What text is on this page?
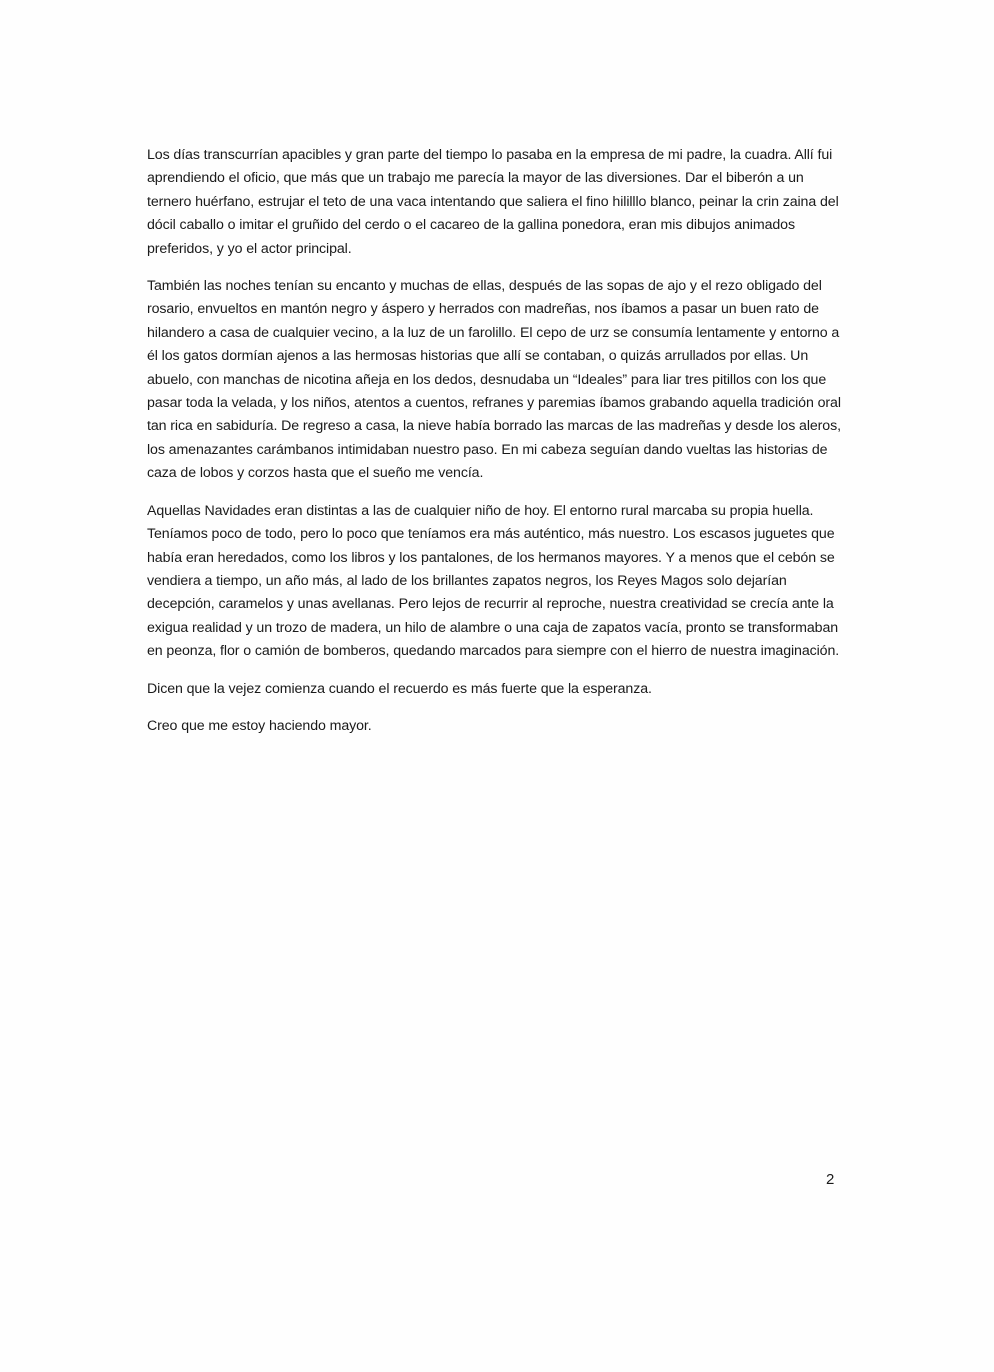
Los días transcurrían apacibles y gran parte del tiempo lo pasaba en la empresa de mi padre, la cuadra. Allí fui aprendiendo el oficio, que más que un trabajo me parecía la mayor de las diversiones. Dar el biberón a un ternero huérfano, estrujar el teto de una vaca intentando que saliera el fino hililllo blanco, peinar la crin zaina del dócil caballo o imitar el gruñido del cerdo o el cacareo de la gallina ponedora, eran mis dibujos animados preferidos, y yo el actor principal.

También las noches tenían su encanto y muchas de ellas, después de las sopas de ajo y el rezo obligado del rosario, envueltos en mantón negro y áspero y herrados con madreñas, nos íbamos a pasar un buen rato de hilandero a casa de cualquier vecino, a la luz de un farolillo. El cepo de urz se consumía lentamente y entorno a él los gatos dormían ajenos a las hermosas historias que allí se contaban, o quizás arrullados por ellas. Un abuelo, con manchas de nicotina añeja en los dedos, desnudaba un “Ideales” para liar tres pitillos con los que pasar toda la velada, y los niños, atentos a cuentos, refranes y paremias íbamos grabando aquella tradición oral tan rica en sabiduría. De regreso a casa, la nieve había borrado las marcas de las madreñas y desde los aleros, los amenazantes carámbanos intimidaban nuestro paso. En mi cabeza seguían dando vueltas las historias de caza de lobos y corzos hasta que el sueño me vencía.

Aquellas Navidades eran distintas a las de cualquier niño de hoy. El entorno rural marcaba su propia huella. Teníamos poco de todo, pero lo poco que teníamos era más auténtico, más nuestro. Los escasos juguetes que había eran heredados, como los libros y los pantalones, de los hermanos mayores. Y a menos que el cebón se vendiera a tiempo, un año más, al lado de los brillantes zapatos negros, los Reyes Magos solo dejarían decepción, caramelos y unas avellanas. Pero lejos de recurrir al reproche, nuestra creatividad se crecía ante la exigua realidad y un trozo de madera, un hilo de alambre o una caja de zapatos vacía, pronto se transformaban en peonza, flor o camión de bomberos, quedando marcados para siempre con el hierro de nuestra imaginación.

Dicen que la vejez comienza cuando el recuerdo es más fuerte que la esperanza.

Creo que me estoy haciendo mayor.

2
